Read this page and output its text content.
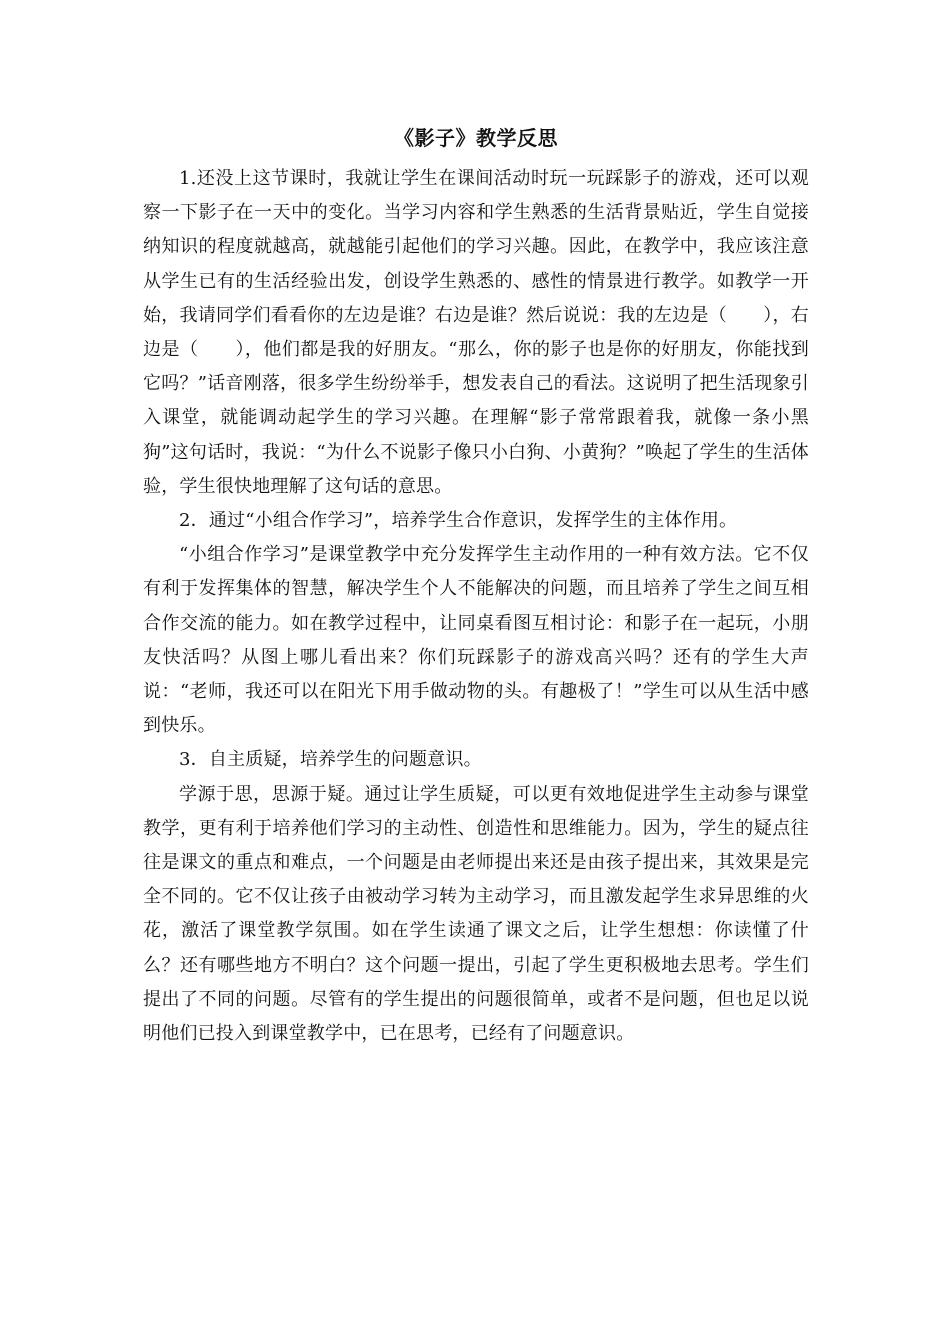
《影子》教学反思

1.还没上这节课时，我就让学生在课间活动时玩一玩踩影子的游戏，还可以观察一下影子在一天中的变化。当学习内容和学生熟悉的生活背景贴近，学生自觉接纳知识的程度就越高，就越能引起他们的学习兴趣。因此，在教学中，我应该注意从学生已有的生活经验出发，创设学生熟悉的、感性的情景进行教学。如教学一开始，我请同学们看看你的左边是谁？右边是谁？然后说说：我的左边是（　　），右边是（　　），他们都是我的好朋友。“那么，你的影子也是你的好朋友，你能找到它吗？”话音刚落，很多学生纷纷举手，想发表自己的看法。这说明了把生活现象引入课堂，就能调动起学生的学习兴趣。在理解“影子常常跟着我，就像一条小黑狗”这句话时，我说：“为什么不说影子像只小白狗、小黄狗？”唤起了学生的生活体验，学生很快地理解了这句话的意思。

2．通过“小组合作学习”，培养学生合作意识，发挥学生的主体作用。

“小组合作学习”是课堂教学中充分发挥学生主动作用的一种有效方法。它不仅有利于发挥集体的智慧，解决学生个人不能解决的问题，而且培养了学生之间互相合作交流的能力。如在教学过程中，让同桌看图互相讨论：和影子在一起玩，小朋友快活吗？从图上哪儿看出来？你们玩踩影子的游戏高兴吗？还有的学生大声说：“老师，我还可以在阳光下用手做动物的头。有趣极了！”学生可以从生活中感到快乐。

3．自主质疑，培养学生的问题意识。

学源于思，思源于疑。通过让学生质疑，可以更有效地促进学生主动参与课堂教学，更有利于培养他们学习的主动性、创造性和思维能力。因为，学生的疑点往往是课文的重点和难点，一个问题是由老师提出来还是由孩子提出来，其效果是完全不同的。它不仅让孩子由被动学习转为主动学习，而且激发起学生求异思维的火花，激活了课堂教学氛围。如在学生读通了课文之后，让学生想想：你读懂了什么？还有哪些地方不明白？这个问题一提出，引起了学生更积极地去思考。学生们提出了不同的问题。尽管有的学生提出的问题很简单，或者不是问题，但也足以说明他们已投入到课堂教学中，已在思考，已经有了问题意识。
